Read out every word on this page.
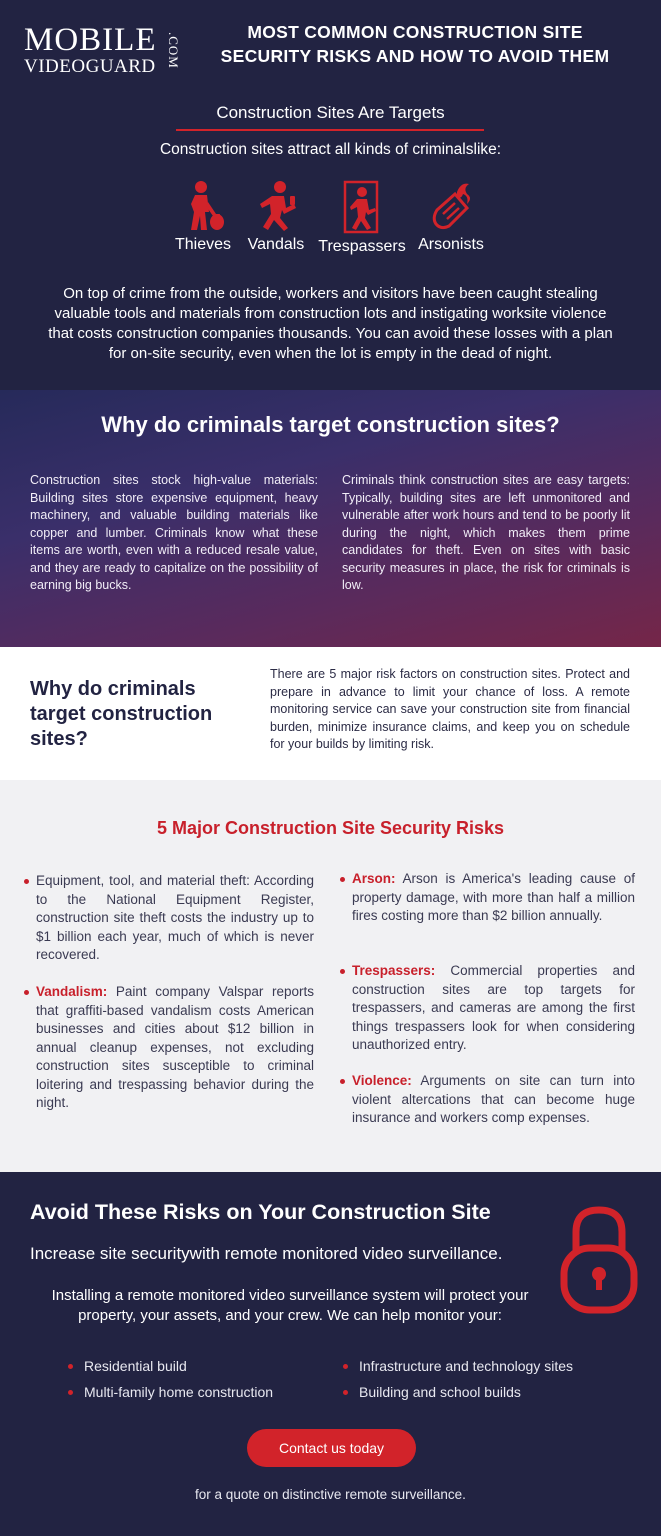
MOBILE
VIDEOGUARD .COM	MOST COMMON CONSTRUCTION SITE
SECURITY RISKS AND HOW TO AVOID THEM
Construction Sites Are Targets
Construction sites attract all kinds of criminalslike:
Thieves	Vandals Trespassers Arsonists
On top of crime from the outside, workers and visitors have been caught stealing valuable tools and materials from construction lots and instigating worksite violence that costs construction companies thousands. You can avoid these losses with a plan for on-site security, even when the lot is empty in the dead of night.
Why do criminals target construction sites?
Construction sites stock high-value materials: Building sites store expensive equipment, heavy machinery, and valuable building materials like copper and lumber. Criminals know what these items are worth, even with a reduced resale value, and they are ready to capitalize on the possibility of earning big bucks.
Criminals think construction sites are easy targets: Typically, building sites are left unmonitored and vulnerable after work hours and tend to be poorly lit during the night, which makes them prime candidates for theft. Even on sites with basic security measures in place, the risk for criminals is low.
Why do criminals target construction sites?

There are 5 major risk factors on construction sites. Protect and prepare in advance to limit your chance of loss. A remote monitoring service can save your construction site from financial burden, minimize insurance claims, and keep you on schedule for your builds by limiting risk.

5 Major Construction Site Security Risks
Equipment, tool, and material theft: According to the National Equipment Register, construction site theft costs the industry up to $1 billion each year, much of which is never recovered.
Vandalism: Paint company Valspar reports that graffiti-based vandalism costs American businesses and cities about $12 billion in annual cleanup expenses, not excluding construction sites susceptible to criminal loitering and trespassing behavior during the night.
Arson: Arson is America's leading cause of property damage, with more than half a million fires costing more than $2 billion annually.
Trespassers: Commercial properties and construction sites are top targets for trespassers, and cameras are among the first things trespassers look for when considering unauthorized entry.
Violence: Arguments on site can turn into violent altercations that can become huge insurance and workers comp expenses.
Avoid These Risks on Your Construction Site
Increase site securitywith remote monitored video surveillance.
Installing a remote monitored video surveillance system will protect your property, your assets, and your crew. We can help monitor your:
Residential build	Infrastructure and technology sites
Multi-family home construction	Building and school builds
Contact us today
for a quote on distinctive remote surveillance.
